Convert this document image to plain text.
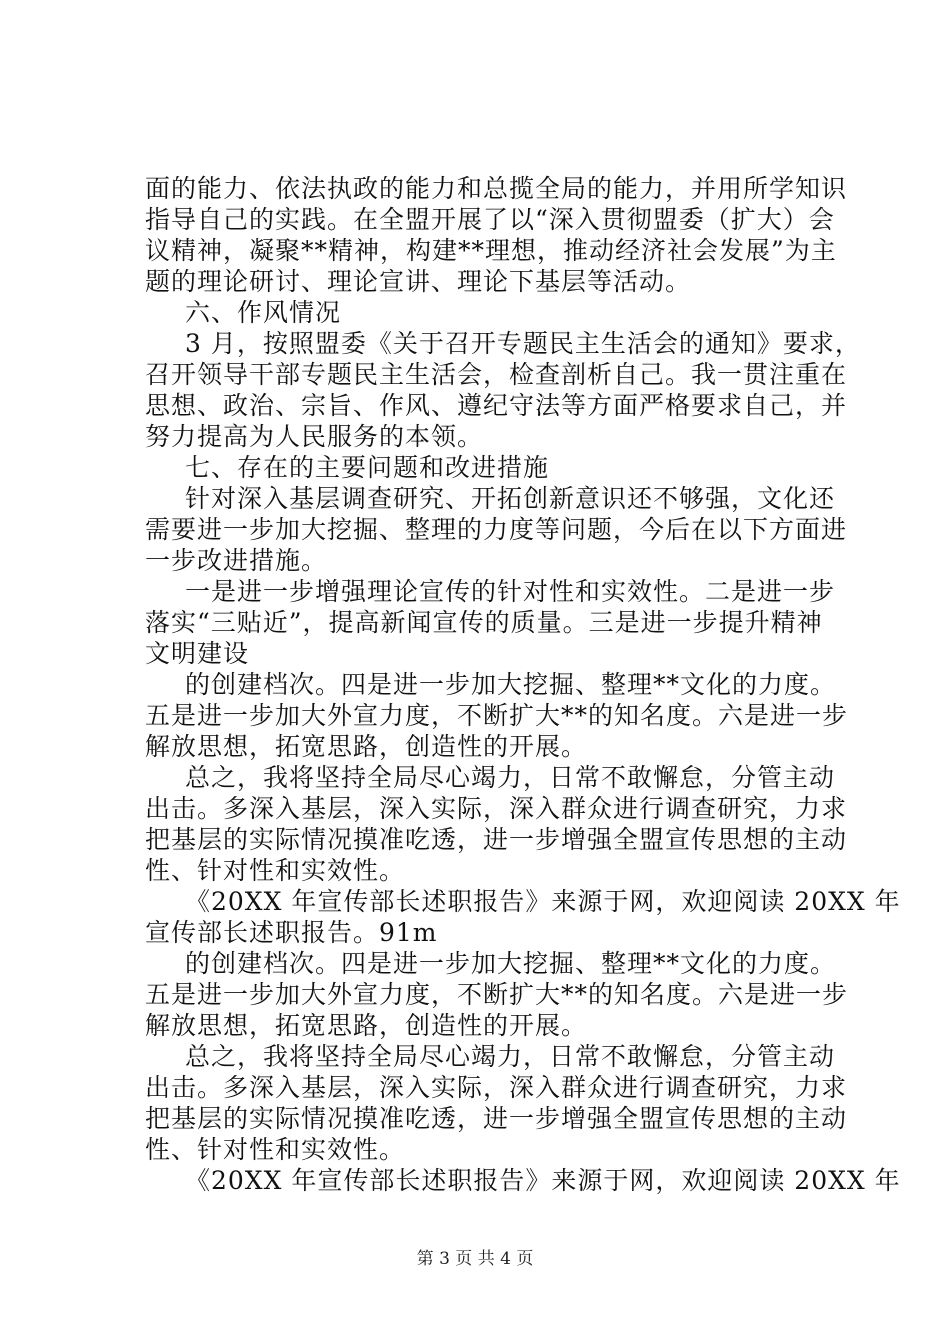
面的能力、依法执政的能力和总揽全局的能力，并用所学知识
指导自己的实践。在全盟开展了以“深入贯彻盟委（扩大）会
议精神，凝聚**精神，构建**理想，推动经济社会发展”为主
题的理论研讨、理论宣讲、理论下基层等活动。
六、作风情况
3 月，按照盟委《关于召开专题民主生活会的通知》要求，
召开领导干部专题民主生活会，检查剖析自己。我一贯注重在
思想、政治、宗旨、作风、遵纪守法等方面严格要求自己，并
努力提高为人民服务的本领。
七、存在的主要问题和改进措施
针对深入基层调查研究、开拓创新意识还不够强，文化还
需要进一步加大挖掘、整理的力度等问题，今后在以下方面进
一步改进措施。
一是进一步增强理论宣传的针对性和实效性。二是进一步
落实“三贴近”，提高新闻宣传的质量。三是进一步提升精神
文明建设
的创建档次。四是进一步加大挖掘、整理**文化的力度。
五是进一步加大外宣力度，不断扩大**的知名度。六是进一步
解放思想，拓宽思路，创造性的开展。
总之，我将坚持全局尽心竭力，日常不敢懈怠，分管主动
出击。多深入基层，深入实际，深入群众进行调查研究，力求
把基层的实际情况摸准吃透，进一步增强全盟宣传思想的主动
性、针对性和实效性。
《20XX 年宣传部长述职报告》来源于网，欢迎阅读 20XX 年
宣传部长述职报告。91m
的创建档次。四是进一步加大挖掘、整理**文化的力度。
五是进一步加大外宣力度，不断扩大**的知名度。六是进一步
解放思想，拓宽思路，创造性的开展。
总之，我将坚持全局尽心竭力，日常不敢懈怠，分管主动
出击。多深入基层，深入实际，深入群众进行调查研究，力求
把基层的实际情况摸准吃透，进一步增强全盟宣传思想的主动
性、针对性和实效性。
《20XX 年宣传部长述职报告》来源于网，欢迎阅读 20XX 年
第 3 页 共 4 页
